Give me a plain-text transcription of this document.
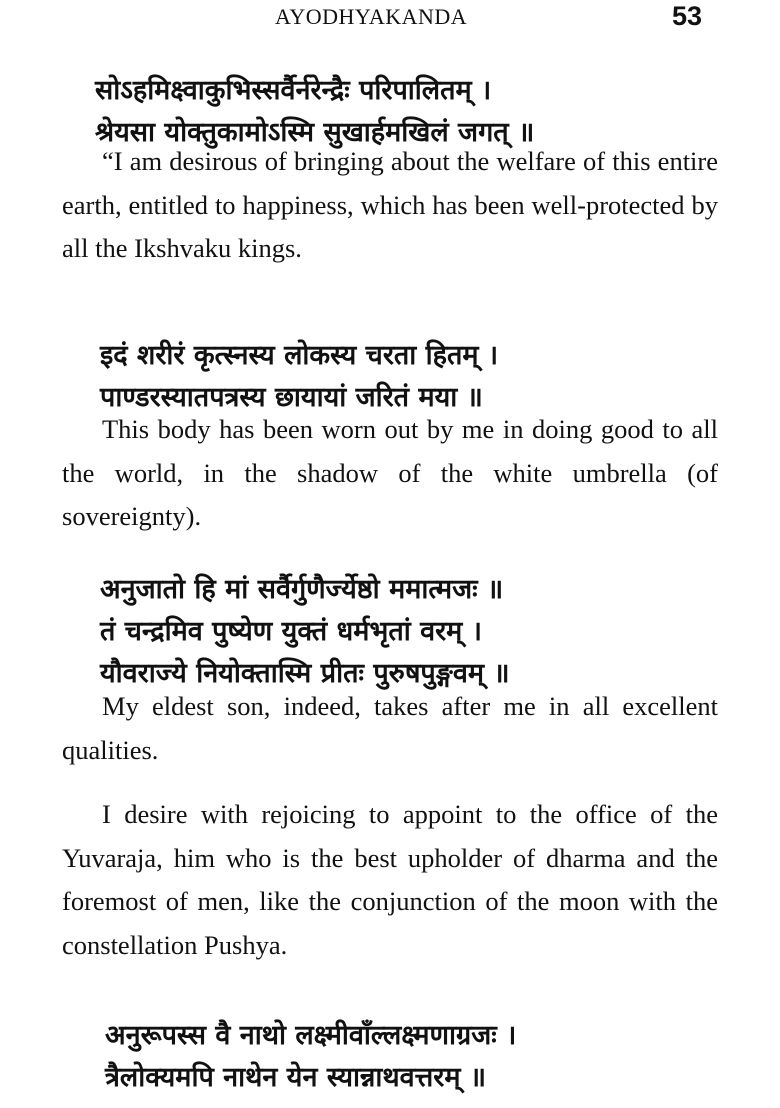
AYODHYAKANDA	53
सोऽहमिक्ष्वाकुभिस्सर्वैर्नरेन्द्रैः परिपालितम् ।
श्रेयसा योक्तुकामोऽस्मि सुखार्हमखिलं जगत् ॥

“I am desirous of bringing about the welfare of this entire earth, entitled to happiness, which has been well-protected by all the Ikshvaku kings.

इदं शरीरं कृत्स्नस्य लोकस्य चरता हितम् ।
पाण्डरस्यातपत्रस्य छायायां जरितं मया ॥

This body has been worn out by me in doing good to all the world, in the shadow of the white umbrella (of sovereignty).

अनुजातो हि मां सर्वैर्गुणैर्ज्येष्ठो ममात्मजः ॥
तं चन्द्रमिव पुष्येण युक्तं धर्मभृतां वरम् ।
यौवराज्ये नियोक्तास्मि प्रीतः पुरुषपुङ्गवम् ॥

My eldest son, indeed, takes after me in all excellent qualities.

I desire with rejoicing to appoint to the office of the Yuvaraja, him who is the best upholder of dharma and the foremost of men, like the conjunction of the moon with the constellation Pushya.

अनुरूपस्स वै नाथो लक्ष्मीवाँल्लक्ष्मणाग्रजः ।
त्रैलोक्यमपि नाथेन येन स्यान्नाथवत्तरम् ॥
